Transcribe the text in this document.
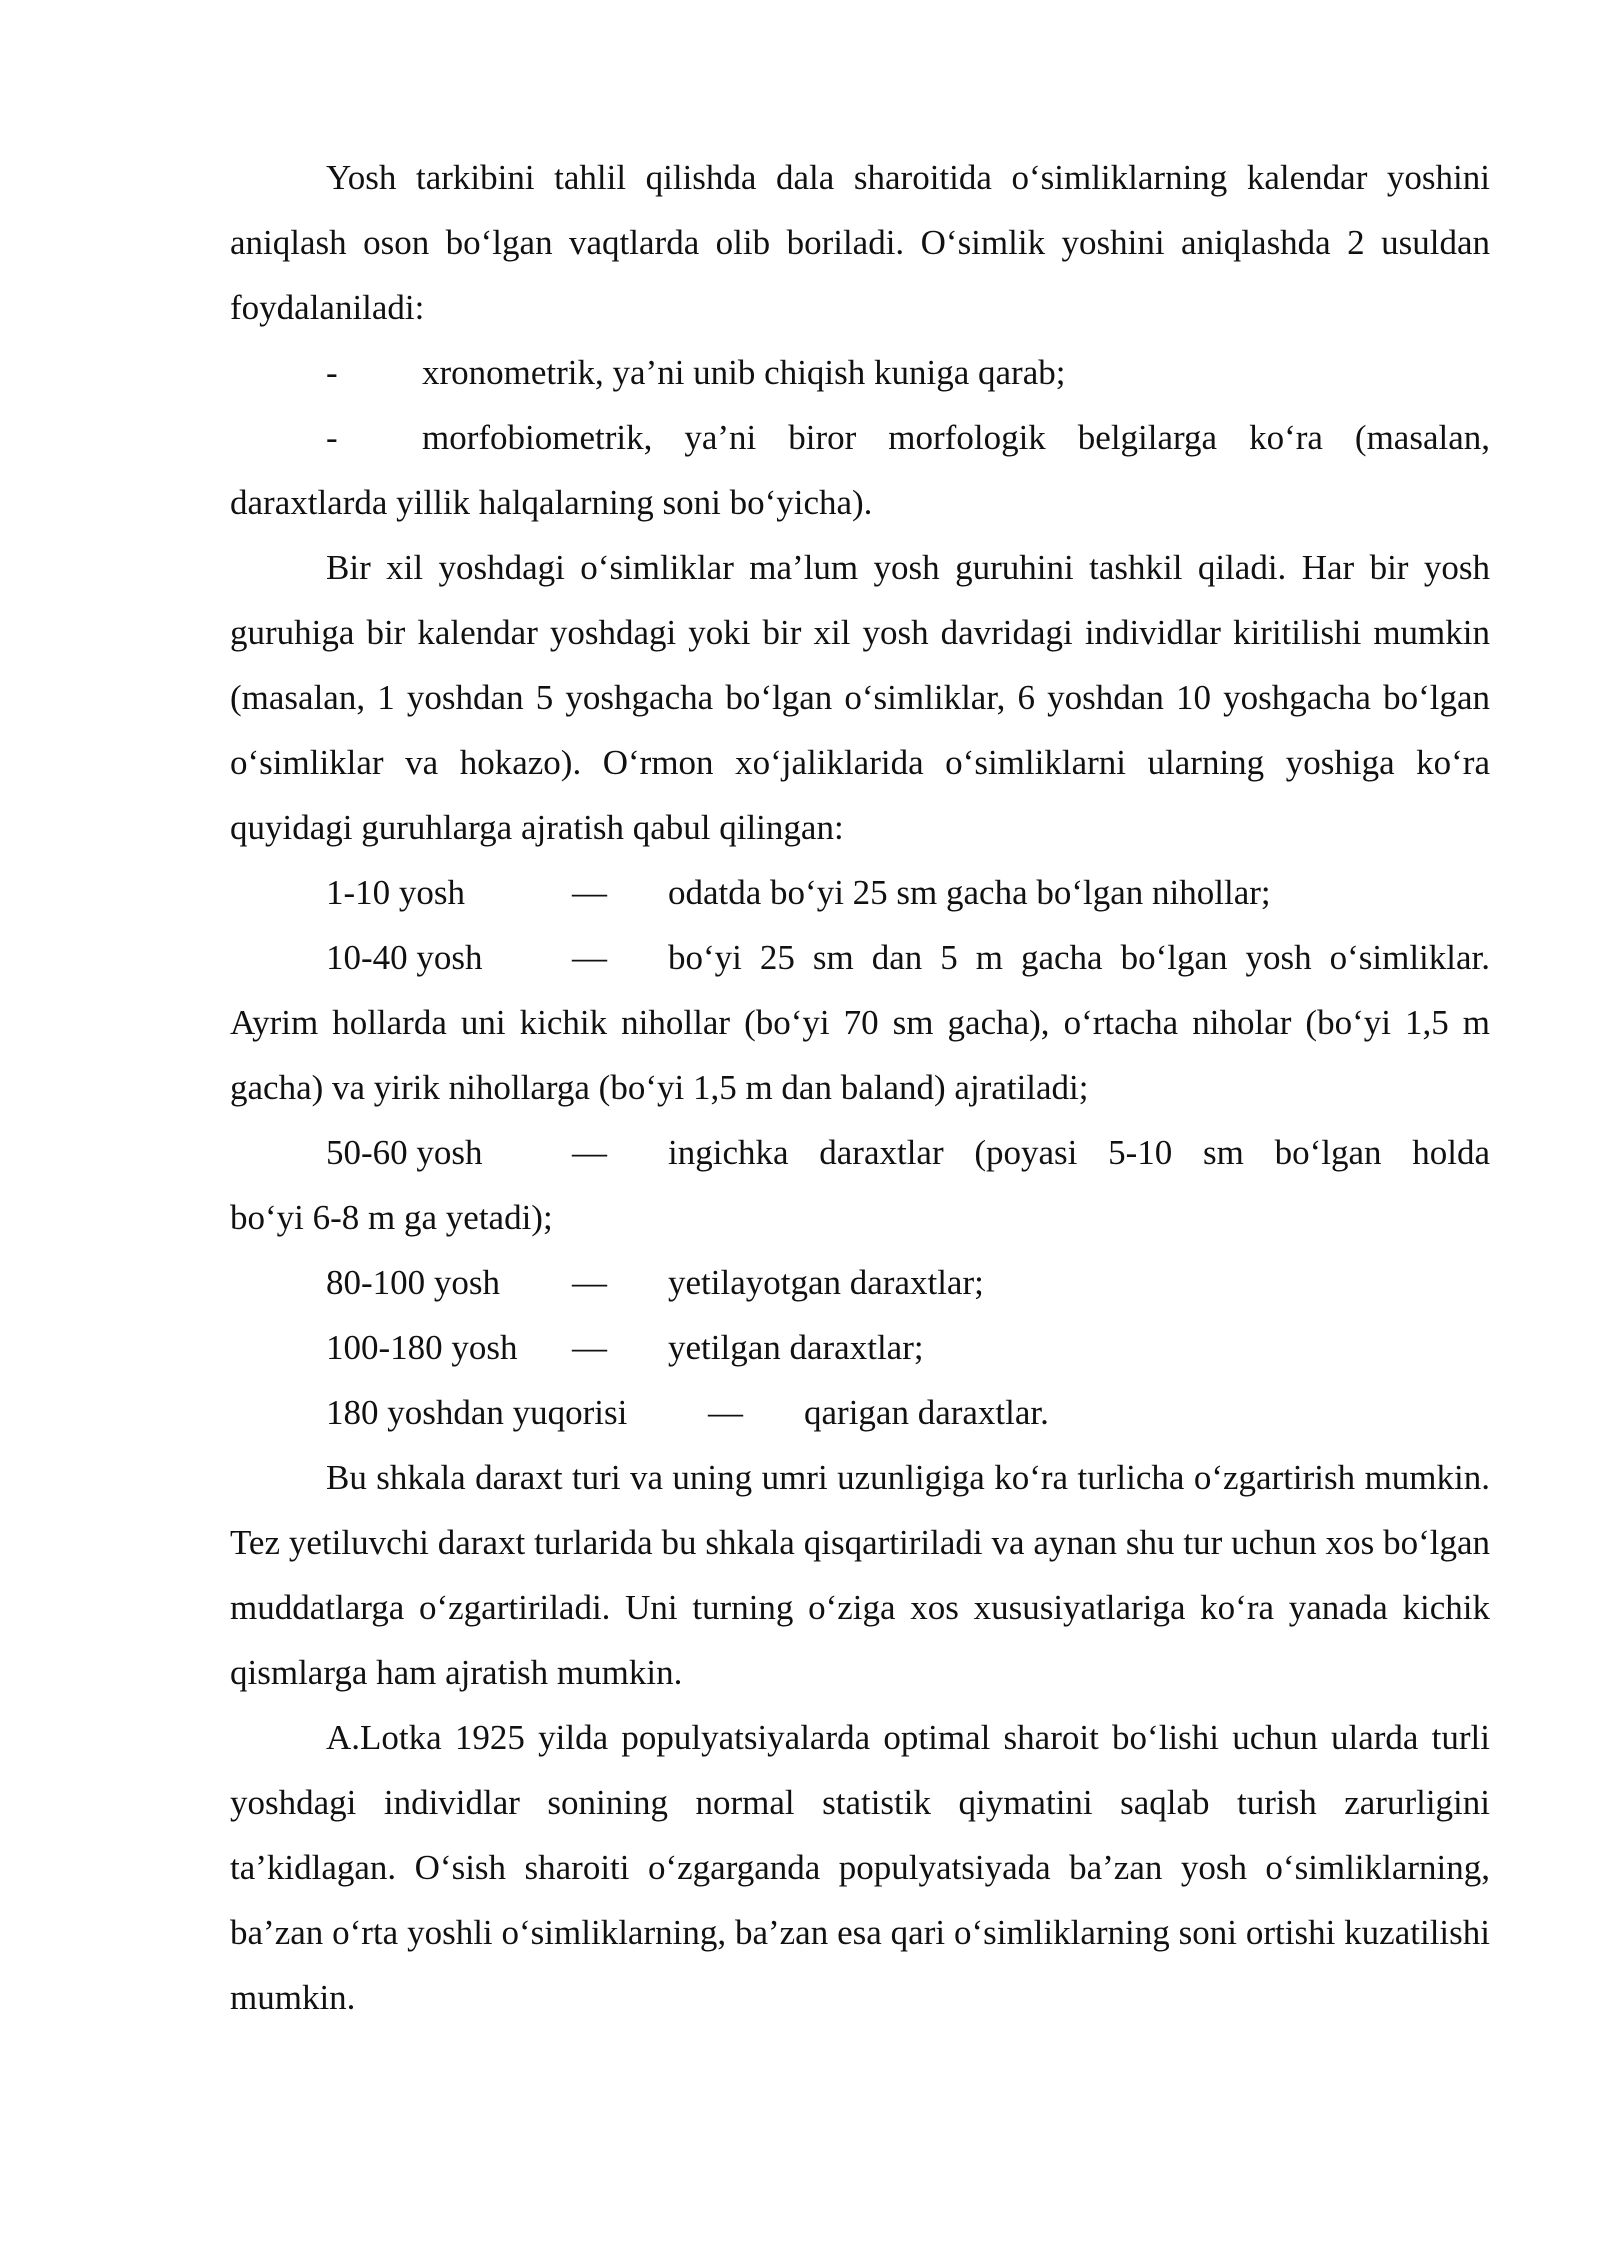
Yosh tarkibini tahlil qilishda dala sharoitida o‘simliklarning kalendar yoshini aniqlash oson bo‘lgan vaqtlarda olib boriladi. O‘simlik yoshini aniqlashda 2 usuldan foydalaniladi:

-	xronometrik, ya’ni unib chiqish kuniga qarab;
-	morfobiometrik, ya’ni biror morfologik belgilarga ko‘ra (masalan,

daraxtlarda yillik halqalarning soni bo‘yicha).

Bir xil yoshdagi o‘simliklar ma’lum yosh guruhini tashkil qiladi. Har bir yosh guruhiga bir kalendar yoshdagi yoki bir xil yosh davridagi individlar kiritilishi mumkin (masalan, 1 yoshdan 5 yoshgacha bo‘lgan o‘simliklar, 6 yoshdan 10 yoshgacha bo‘lgan o‘simliklar va hokazo). O‘rmon xo‘jaliklarida o‘simliklarni ularning yoshiga ko‘ra quyidagi guruhlarga ajratish qabul qilingan:

1-10 yosh	—	odatda bo‘yi 25 sm gacha bo‘lgan nihollar;
10-40 yosh	—	bo‘yi 25 sm dan 5 m gacha bo‘lgan yosh o‘simliklar.

Ayrim hollarda uni kichik nihollar (bo‘yi 70 sm gacha), o‘rtacha niholar (bo‘yi 1,5 m gacha) va yirik nihollarga (bo‘yi 1,5 m dan baland) ajratiladi;

50-60 yosh	—	ingichka daraxtlar (poyasi 5-10 sm bo‘lgan holda

bo‘yi 6-8 m ga yetadi);

80-100 yosh	—	yetilayotgan daraxtlar;
100-180 yosh	—	yetilgan daraxtlar;
180 yoshdan yuqorisi	—	qarigan daraxtlar.

Bu shkala daraxt turi va uning umri uzunligiga ko‘ra turlicha o‘zgartirish mumkin. Tez yetiluvchi daraxt turlarida bu shkala qisqartiriladi va aynan shu tur uchun xos bo‘lgan muddatlarga o‘zgartiriladi. Uni turning o‘ziga xos xususiyatlariga ko‘ra yanada kichik qismlarga ham ajratish mumkin.

A.Lotka 1925 yilda populyatsiyalarda optimal sharoit bo‘lishi uchun ularda turli yoshdagi individlar sonining normal statistik qiymatini saqlab turish zarurligini ta’kidlagan. O‘sish sharoiti o‘zgarganda populyatsiyada ba’zan yosh o‘simliklarning, ba’zan o‘rta yoshli o‘simliklarning, ba’zan esa qari o‘simliklarning soni ortishi kuzatilishi mumkin.
